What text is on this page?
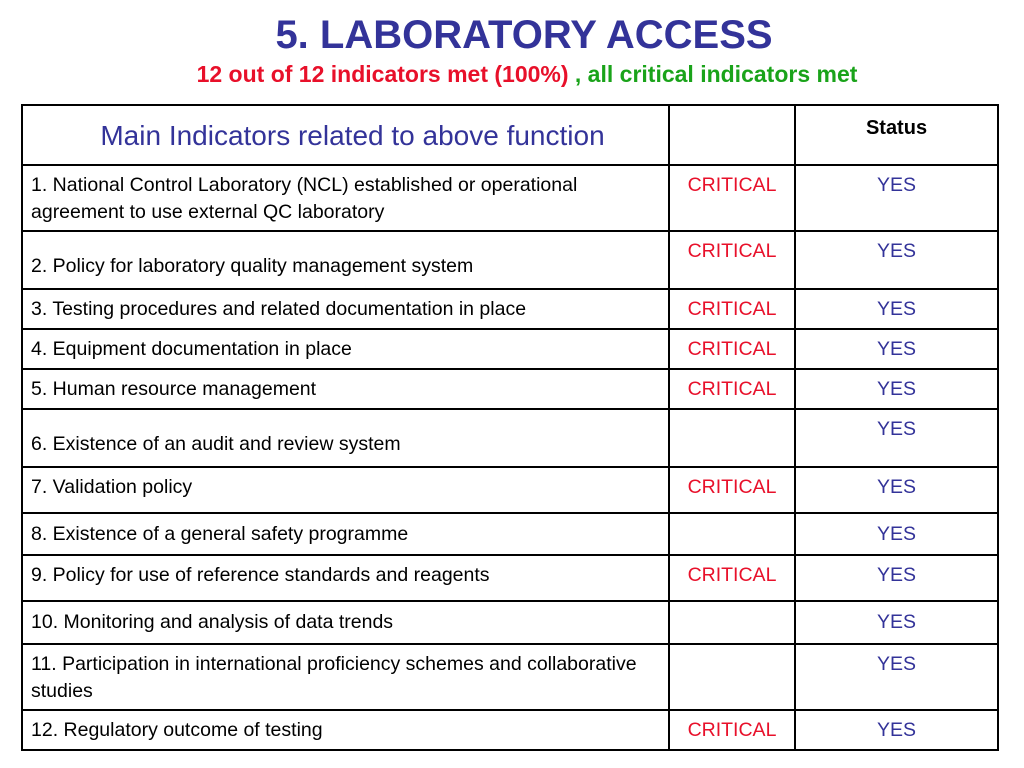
5. LABORATORY ACCESS

12 out of 12 indicators met (100%) , all critical indicators met

Main Indicators related to above function		Status
1. National Control Laboratory (NCL) established or operational agreement to use external QC laboratory	CRITICAL	YES
2. Policy for laboratory quality management system	CRITICAL	YES
3. Testing procedures and related documentation in place	CRITICAL	YES
4. Equipment documentation in place	CRITICAL	YES
5. Human resource management	CRITICAL	YES
6. Existence of an audit and review system		YES
7. Validation policy	CRITICAL	YES
8. Existence of a general safety programme		YES
9. Policy for use of reference standards and reagents	CRITICAL	YES
10. Monitoring and analysis of data trends		YES
11. Participation in international proficiency schemes and collaborative studies		YES
12. Regulatory outcome of testing	CRITICAL	YES
